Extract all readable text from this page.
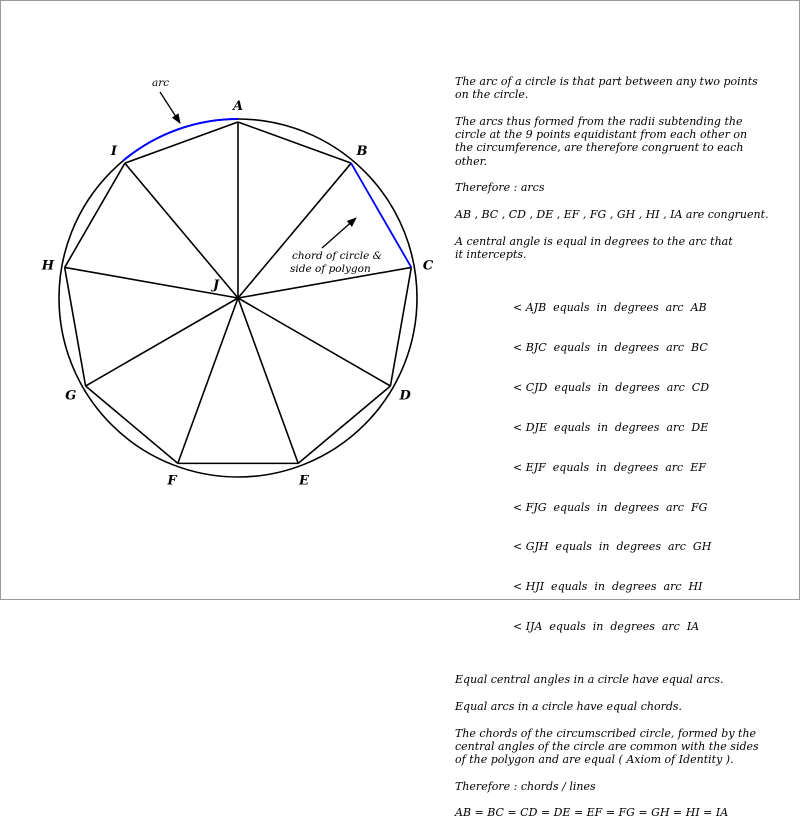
A
B
C
D
E
F
G
H
I
J
arc
chord of circle & side of polygon

The arc of a circle is that part between any two points
on the circle.

The arcs thus formed from the radii subtending the
circle at the 9 points equidistant from each other on
the circumference, are therefore congruent to each
other.

Therefore : arcs

AB , BC , CD , DE , EF , FG , GH , HI , IA are congruent.

A central angle is equal in degrees to the arc that
it intercepts.

< AJB  equals  in  degrees  arc  AB

< BJC  equals  in  degrees  arc  BC

< CJD  equals  in  degrees  arc  CD

< DJE  equals  in  degrees  arc  DE

< EJF  equals  in  degrees  arc  EF

< FJG  equals  in  degrees  arc  FG

< GJH  equals  in  degrees  arc  GH

< HJI  equals  in  degrees  arc  HI

< IJA  equals  in  degrees  arc  IA

Equal central angles in a circle have equal arcs.

Equal arcs in a circle have equal chords.

The chords of the circumscribed circle, formed by the
central angles of the circle are common with the sides
of the polygon and are equal ( Axiom of Identity ).

Therefore : chords / lines

AB = BC = CD = DE = EF = FG = GH = HI = IA
